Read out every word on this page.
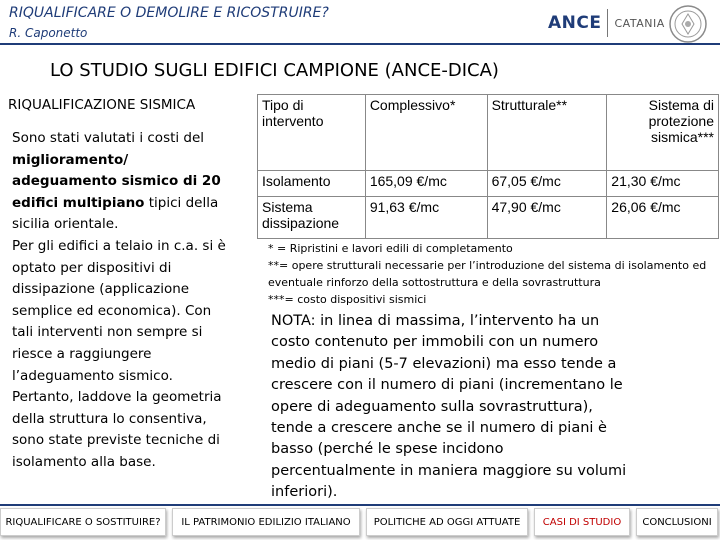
RIQUALIFICARE O DEMOLIRE E RICOSTRUIRE?
R. Caponetto	ANCE CATANIA
LO STUDIO SUGLI EDIFICI CAMPIONE (ANCE-DICA)
RIQUALIFICAZIONE SISMICA
Sono stati valutati i costi del miglioramento/ adeguamento sismico di 20 edifici multipiano tipici della sicilia orientale.
Per gli edifici a telaio in c.a. si è optato per dispositivi di dissipazione (applicazione semplice ed economica). Con tali interventi non sempre si riesce a raggiungere l’adeguamento sismico. Pertanto, laddove la geometria della struttura lo consentiva, sono state previste tecniche di isolamento alla base.
Tipo di intervento	Complessivo*	Strutturale**	Sistema di protezione sismica***
Isolamento	165,09 €/mc	67,05 €/mc	21,30 €/mc
Sistema dissipazione	91,63 €/mc	47,90 €/mc	26,06 €/mc
* = Ripristini e lavori edili di completamento
**= opere strutturali necessarie per l’introduzione del sistema di isolamento ed eventuale rinforzo della sottostruttura e della sovrastruttura
***= costo dispositivi sismici
NOTA: in linea di massima, l’intervento ha un costo contenuto per immobili con un numero medio di piani (5-7 elevazioni) ma esso tende a crescere con il numero di piani (incrementano le opere di adeguamento sulla sovrastruttura), tende a crescere anche se il numero di piani è basso (perché le spese incidono percentualmente in maniera maggiore su volumi inferiori).
RIQUALIFICARE O SOSTITUIRE?	IL PATRIMONIO EDILIZIO ITALIANO	POLITICHE AD OGGI ATTUATE	CASI DI STUDIO	CONCLUSIONI
